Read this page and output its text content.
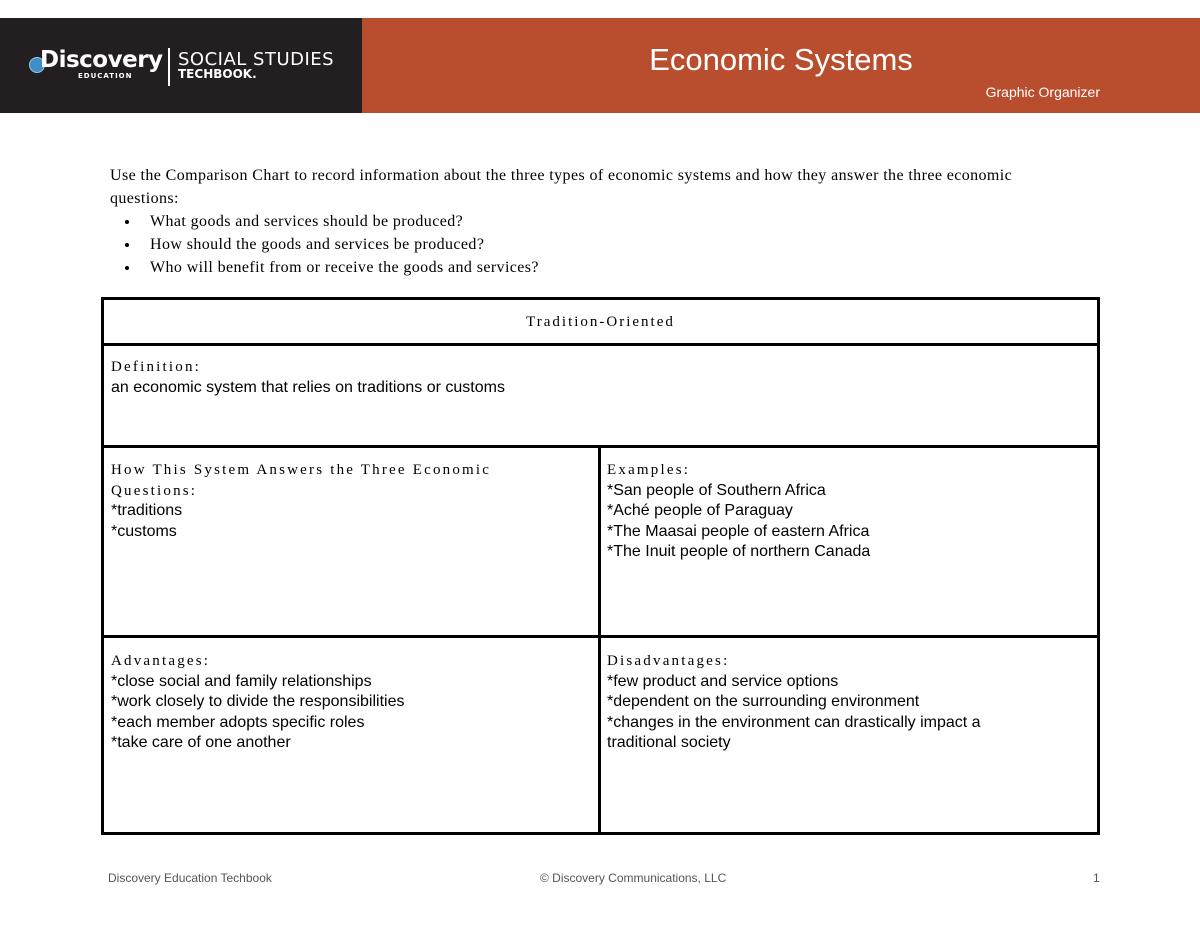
Discovery
EDUCATION
SOCIAL STUDIES
TECHBOOK.	Economic Systems
Graphic Organizer
Use the Comparison Chart to record information about the three types of economic systems and how they answer the three economic questions:
• What goods and services should be produced?
• How should the goods and services be produced?
• Who will benefit from or receive the goods and services?
Tradition-Oriented
Definition:
an economic system that relies on traditions or customs
How This System Answers the Three Economic
Questions:
*traditions
*customs
Examples:
*San people of Southern Africa
*Aché people of Paraguay
*The Maasai people of eastern Africa
*The Inuit people of northern Canada
Advantages:
*close social and family relationships
*work closely to divide the responsibilities
*each member adopts specific roles
*take care of one another
Disadvantages:
*few product and service options
*dependent on the surrounding environment
*changes in the environment can drastically impact a
traditional society
Discovery Education Techbook	© Discovery Communications, LLC	1
